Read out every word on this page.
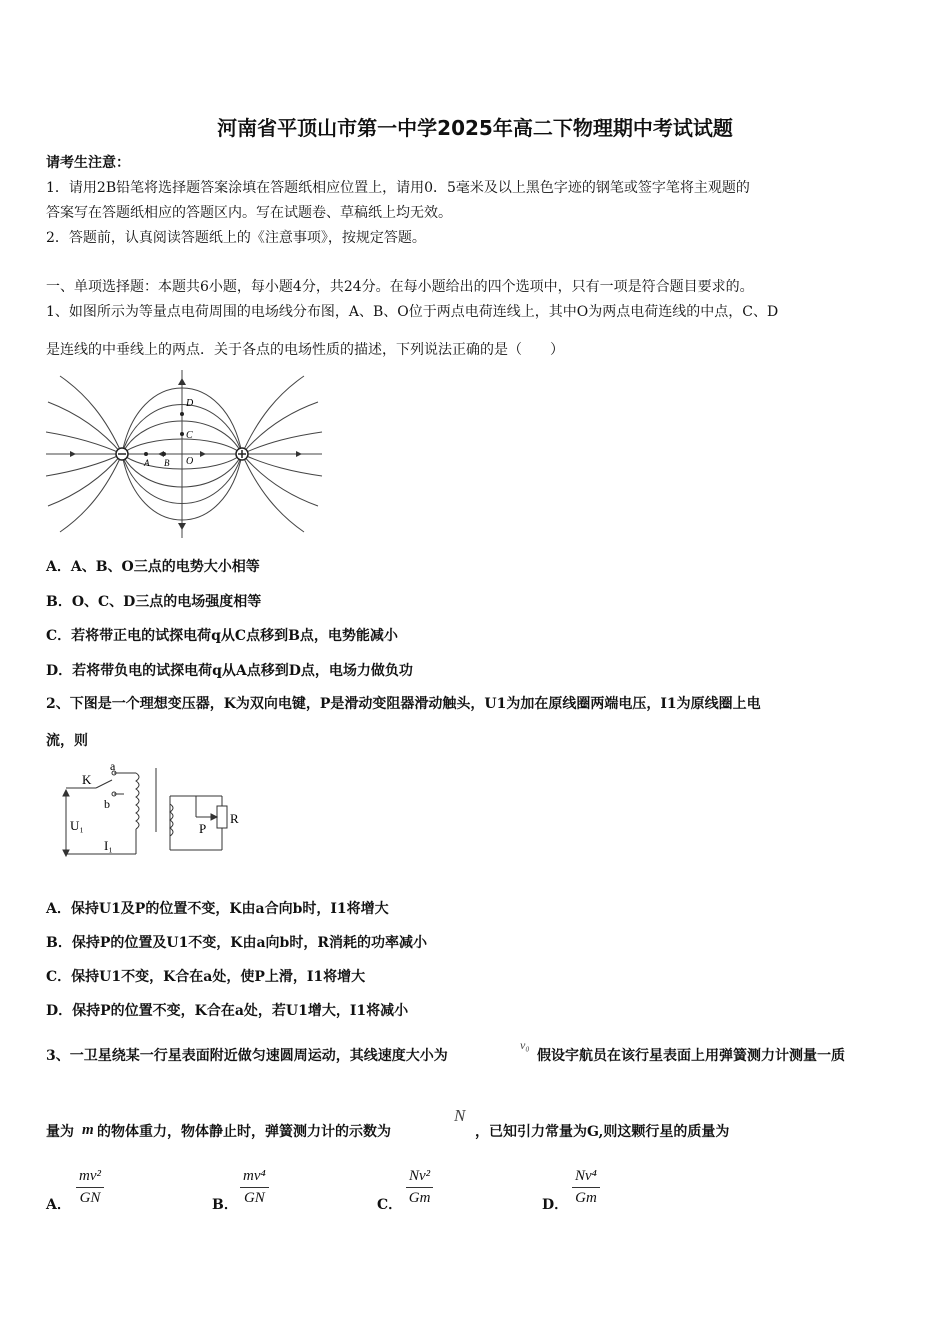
河南省平顶山市第一中学2025年高二下物理期中考试试题
请考生注意：
1．请用2B铅笔将选择题答案涂填在答题纸相应位置上，请用0．5毫米及以上黑色字迹的钢笔或签字笔将主观题的
答案写在答题纸相应的答题区内。写在试题卷、草稿纸上均无效。
2．答题前，认真阅读答题纸上的《注意事项》，按规定答题。
一、单项选择题：本题共6小题，每小题4分，共24分。在每小题给出的四个选项中，只有一项是符合题目要求的。
1、如图所示为等量点电荷周围的电场线分布图，A、B、O位于两点电荷连线上，其中O为两点电荷连线的中点，C、D
是连线的中垂线上的两点．关于各点的电场性质的描述，下列说法正确的是（　　）
D
C
A B O
A．A、B、O三点的电势大小相等
B．O、C、D三点的电场强度相等
C．若将带正电的试探电荷q从C点移到B点，电势能减小
D．若将带负电的试探电荷q从A点移到D点，电场力做负功
2、下图是一个理想变压器，K为双向电键，P是滑动变阻器滑动触头，U1为加在原线圈两端电压，I1为原线圈上电
流，则
K
a
b
U₁
I₁
P
R
A．保持U1及P的位置不变，K由a合向b时，I1将增大
B．保持P的位置及U1不变，K由a向b时，R消耗的功率减小
C．保持U1不变，K合在a处，使P上滑，I1将增大
D．保持P的位置不变，K合在a处，若U1增大，I1将减小
3、一卫星绕某一行星表面附近做匀速圆周运动，其线速度大小为
v₀
假设宇航员在该行星表面上用弹簧测力计测量一质
量为 m 的物体重力，物体静止时，弹簧测力计的示数为
N
，已知引力常量为G,则这颗行星的质量为
A． $\frac{\text{mv²}}{GN}$	B． $\frac{\text{mv⁴}}{GN}$	C． $\frac{\text{Nv²}}{Gm}$	D． $\frac{\text{Nv⁴}}{Gm}$
